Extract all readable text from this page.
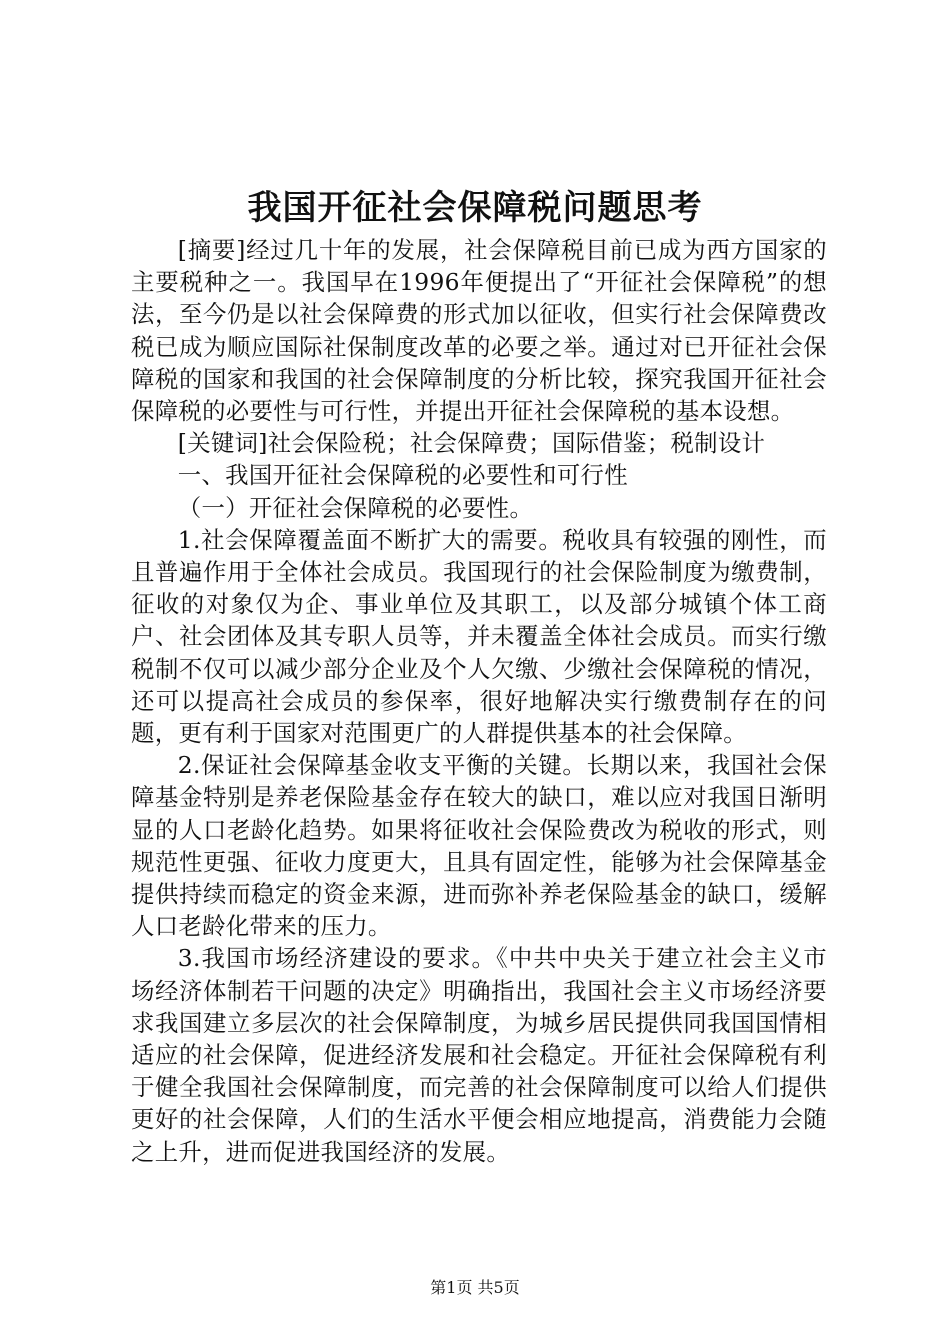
我国开征社会保障税问题思考

[摘要]经过几十年的发展，社会保障税目前已成为西方国家的主要税种之一。我国早在1996年便提出了“开征社会保障税”的想法，至今仍是以社会保障费的形式加以征收，但实行社会保障费改税已成为顺应国际社保制度改革的必要之举。通过对已开征社会保障税的国家和我国的社会保障制度的分析比较，探究我国开征社会保障税的必要性与可行性，并提出开征社会保障税的基本设想。

[关键词]社会保险税；社会保障费；国际借鉴；税制设计

一、我国开征社会保障税的必要性和可行性

（一）开征社会保障税的必要性。

1.社会保障覆盖面不断扩大的需要。税收具有较强的刚性，而且普遍作用于全体社会成员。我国现行的社会保险制度为缴费制，征收的对象仅为企、事业单位及其职工，以及部分城镇个体工商户、社会团体及其专职人员等，并未覆盖全体社会成员。而实行缴税制不仅可以减少部分企业及个人欠缴、少缴社会保障税的情况，还可以提高社会成员的参保率，很好地解决实行缴费制存在的问题，更有利于国家对范围更广的人群提供基本的社会保障。

2.保证社会保障基金收支平衡的关键。长期以来，我国社会保障基金特别是养老保险基金存在较大的缺口，难以应对我国日渐明显的人口老龄化趋势。如果将征收社会保险费改为税收的形式，则规范性更强、征收力度更大，且具有固定性，能够为社会保障基金提供持续而稳定的资金来源，进而弥补养老保险基金的缺口，缓解人口老龄化带来的压力。

3.我国市场经济建设的要求。《中共中央关于建立社会主义市场经济体制若干问题的决定》明确指出，我国社会主义市场经济要求我国建立多层次的社会保障制度，为城乡居民提供同我国国情相适应的社会保障，促进经济发展和社会稳定。开征社会保障税有利于健全我国社会保障制度，而完善的社会保障制度可以给人们提供更好的社会保障，人们的生活水平便会相应地提高，消费能力会随之上升，进而促进我国经济的发展。

第1页 共5页
